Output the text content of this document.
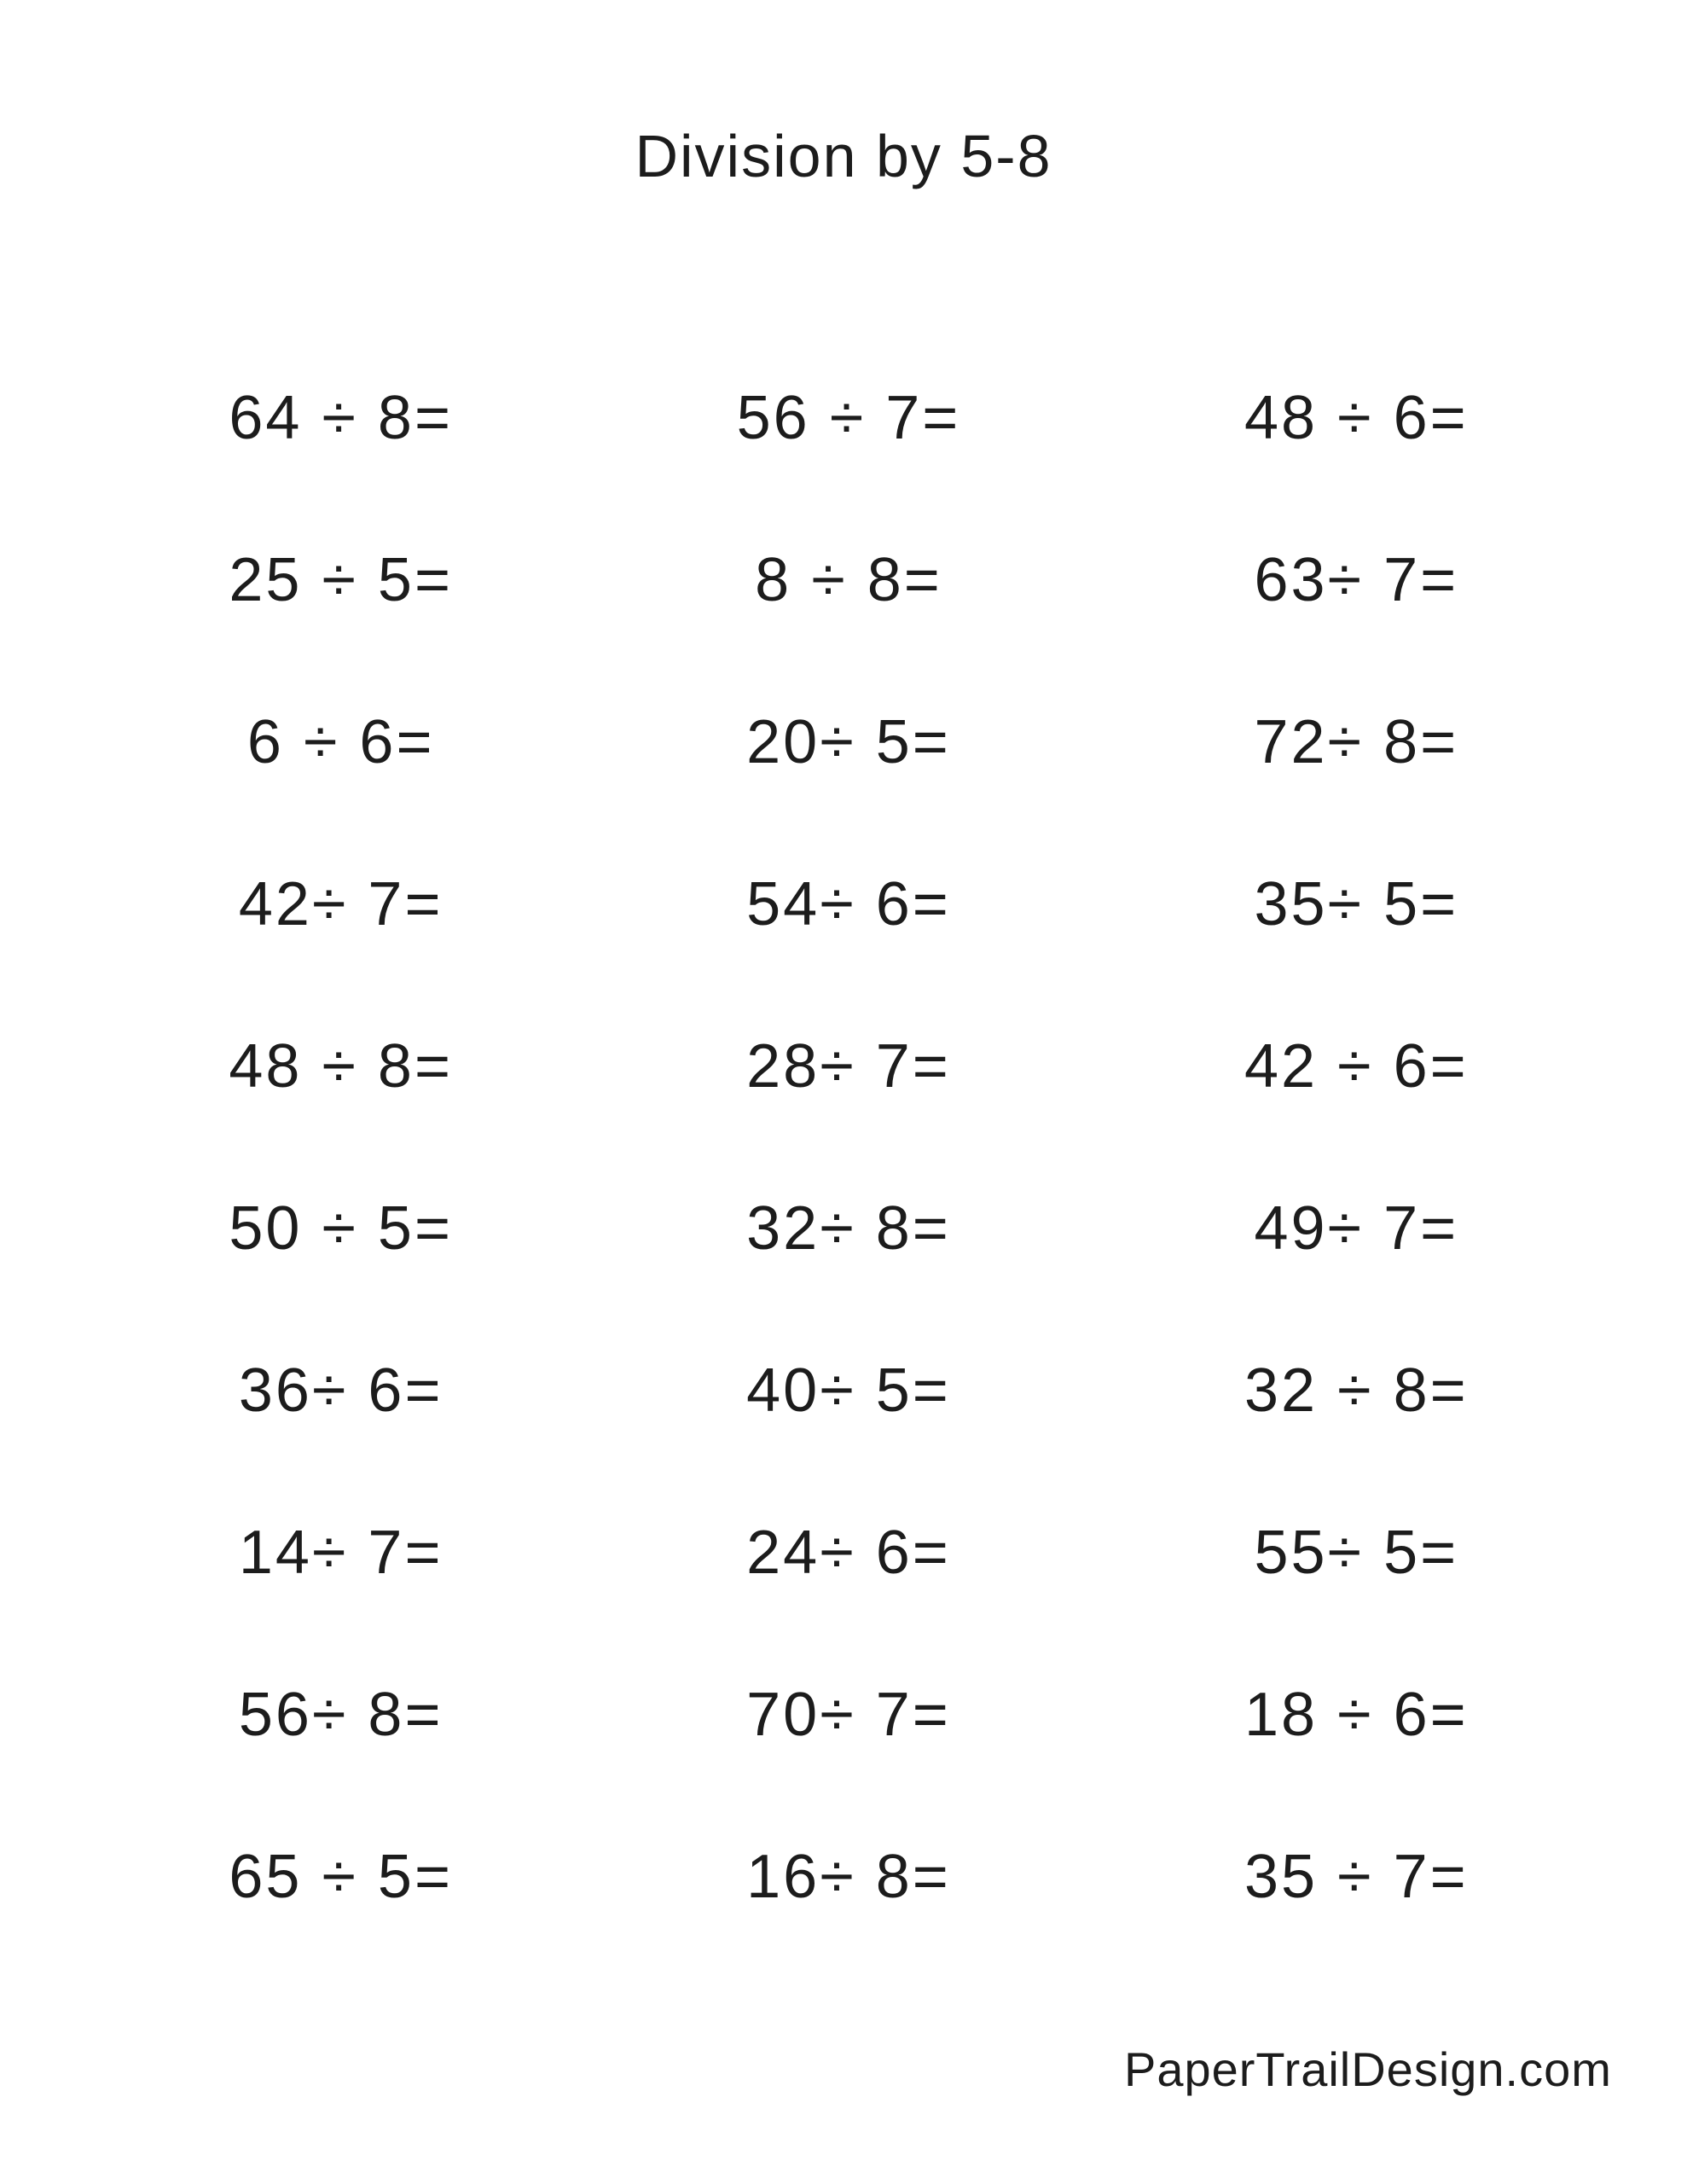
Division by 5-8
64 ÷ 8=	56 ÷ 7=	48 ÷ 6=
25 ÷ 5=	8 ÷ 8=	63÷ 7=
6 ÷ 6=	20÷ 5=	72÷ 8=
42÷ 7=	54÷ 6=	35÷ 5=
48 ÷ 8=	28÷ 7=	42 ÷ 6=
50 ÷ 5=	32÷ 8=	49÷ 7=
36÷ 6=	40÷ 5=	32 ÷ 8=
14÷ 7=	24÷ 6=	55÷ 5=
56÷ 8=	70÷ 7=	18 ÷ 6=
65 ÷ 5=	16÷ 8=	35 ÷ 7=
PaperTrailDesign.com
